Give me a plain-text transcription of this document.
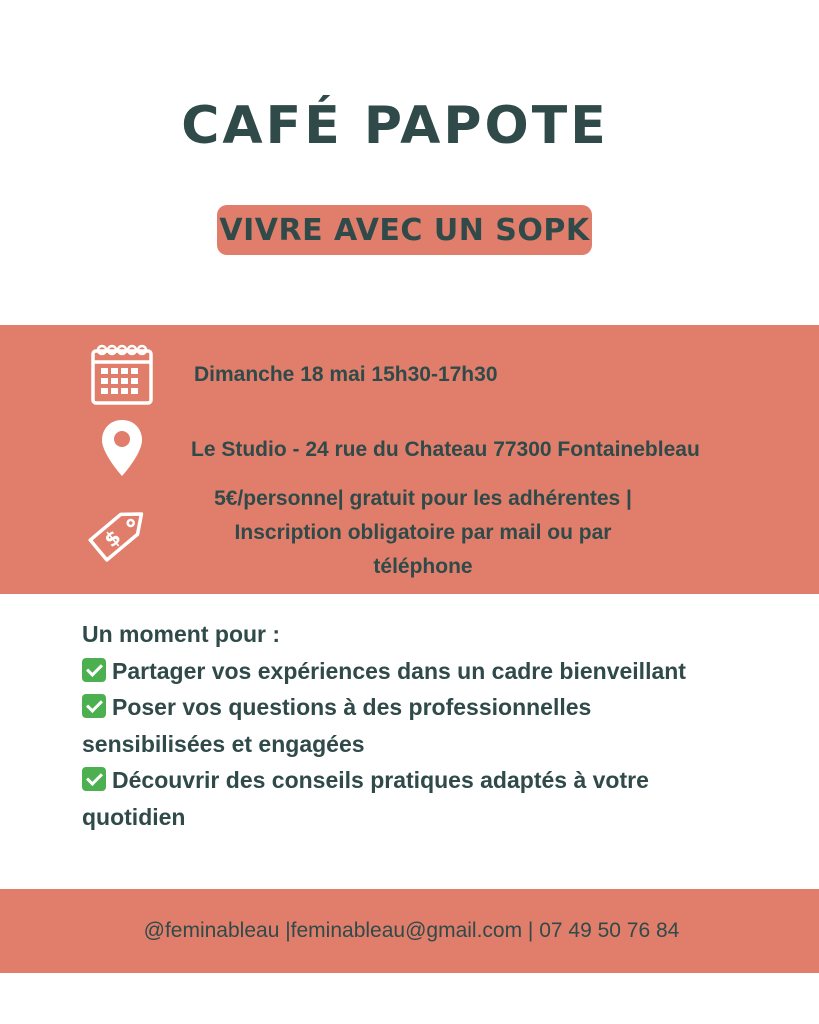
CAFÉ PAPOTE
VIVRE AVEC UN SOPK
Dimanche 18 mai 15h30-17h30
Le Studio - 24 rue du Chateau 77300 Fontainebleau
$
5€/personne| gratuit pour les adhérentes |
Inscription obligatoire par mail ou par
téléphone
Un moment pour :
Partager vos expériences dans un cadre bienveillant
Poser vos questions à des professionnelles
sensibilisées et engagées
Découvrir des conseils pratiques adaptés à votre
quotidien
@feminableau |feminableau@gmail.com | 07 49 50 76 84
